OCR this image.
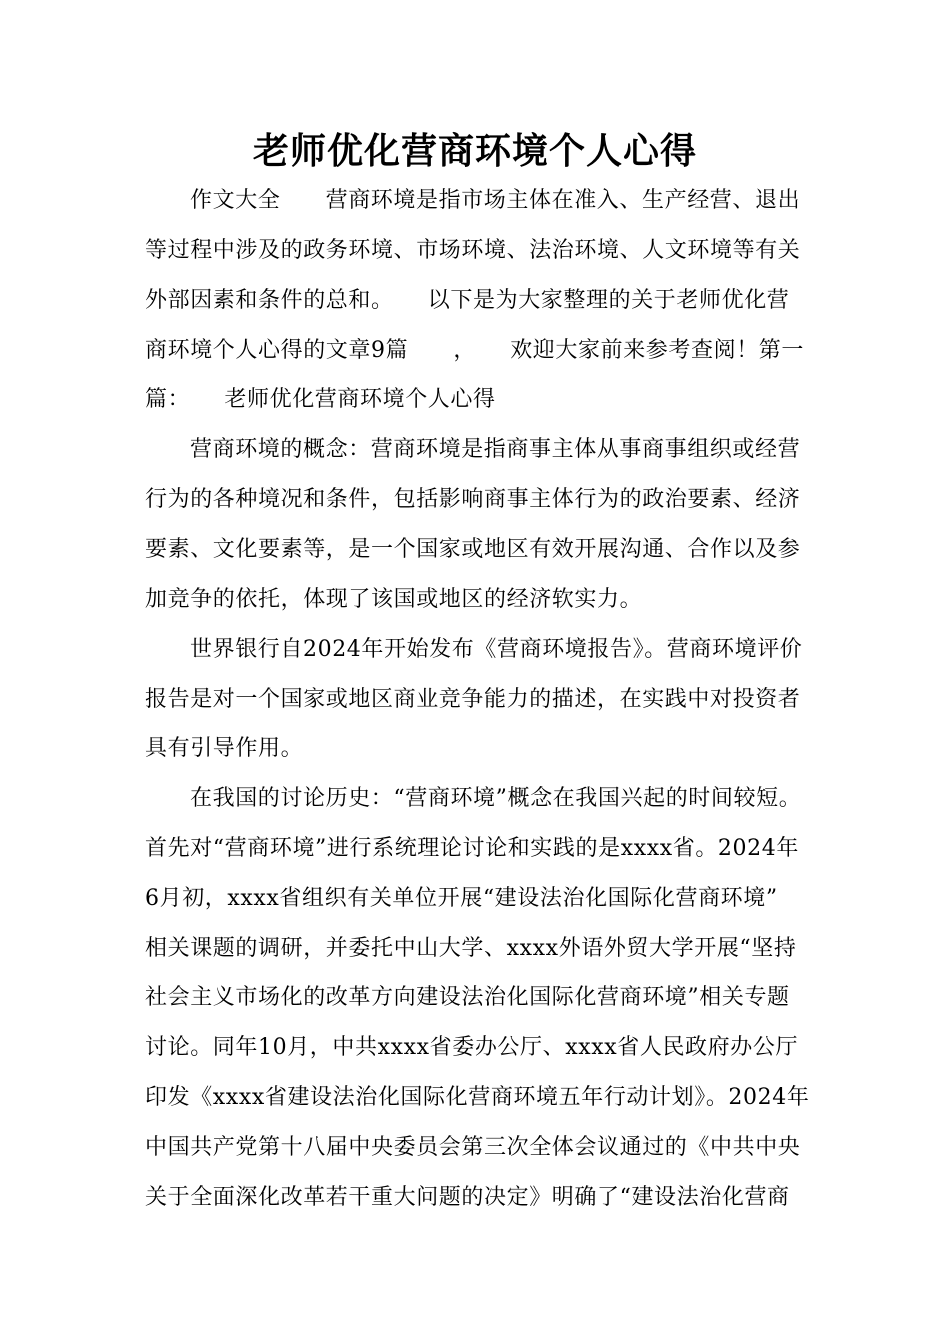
老师优化营商环境个人心得
作文大全　　营商环境是指市场主体在准入、生产经营、退出
等过程中涉及的政务环境、市场环境、法治环境、人文环境等有关
外部因素和条件的总和。　　以下是为大家整理的关于老师优化营
商环境个人心得的文章9篇　　，　　欢迎大家前来参考查阅！第一
篇：　　老师优化营商环境个人心得
营商环境的概念：营商环境是指商事主体从事商事组织或经营
行为的各种境况和条件，包括影响商事主体行为的政治要素、经济
要素、文化要素等，是一个国家或地区有效开展沟通、合作以及参
加竞争的依托，体现了该国或地区的经济软实力。
世界银行自2024年开始发布《营商环境报告》。营商环境评价
报告是对一个国家或地区商业竞争能力的描述，在实践中对投资者
具有引导作用。
在我国的讨论历史：“营商环境”概念在我国兴起的时间较短。
首先对“营商环境”进行系统理论讨论和实践的是xxxx省。2024年
6月初，xxxx省组织有关单位开展“建设法治化国际化营商环境”
相关课题的调研，并委托中山大学、xxxx外语外贸大学开展“坚持
社会主义市场化的改革方向建设法治化国际化营商环境”相关专题
讨论。同年10月，中共xxxx省委办公厅、xxxx省人民政府办公厅
印发《xxxx省建设法治化国际化营商环境五年行动计划》。2024年
中国共产党第十八届中央委员会第三次全体会议通过的《中共中央
关于全面深化改革若干重大问题的决定》明确了“建设法治化营商
